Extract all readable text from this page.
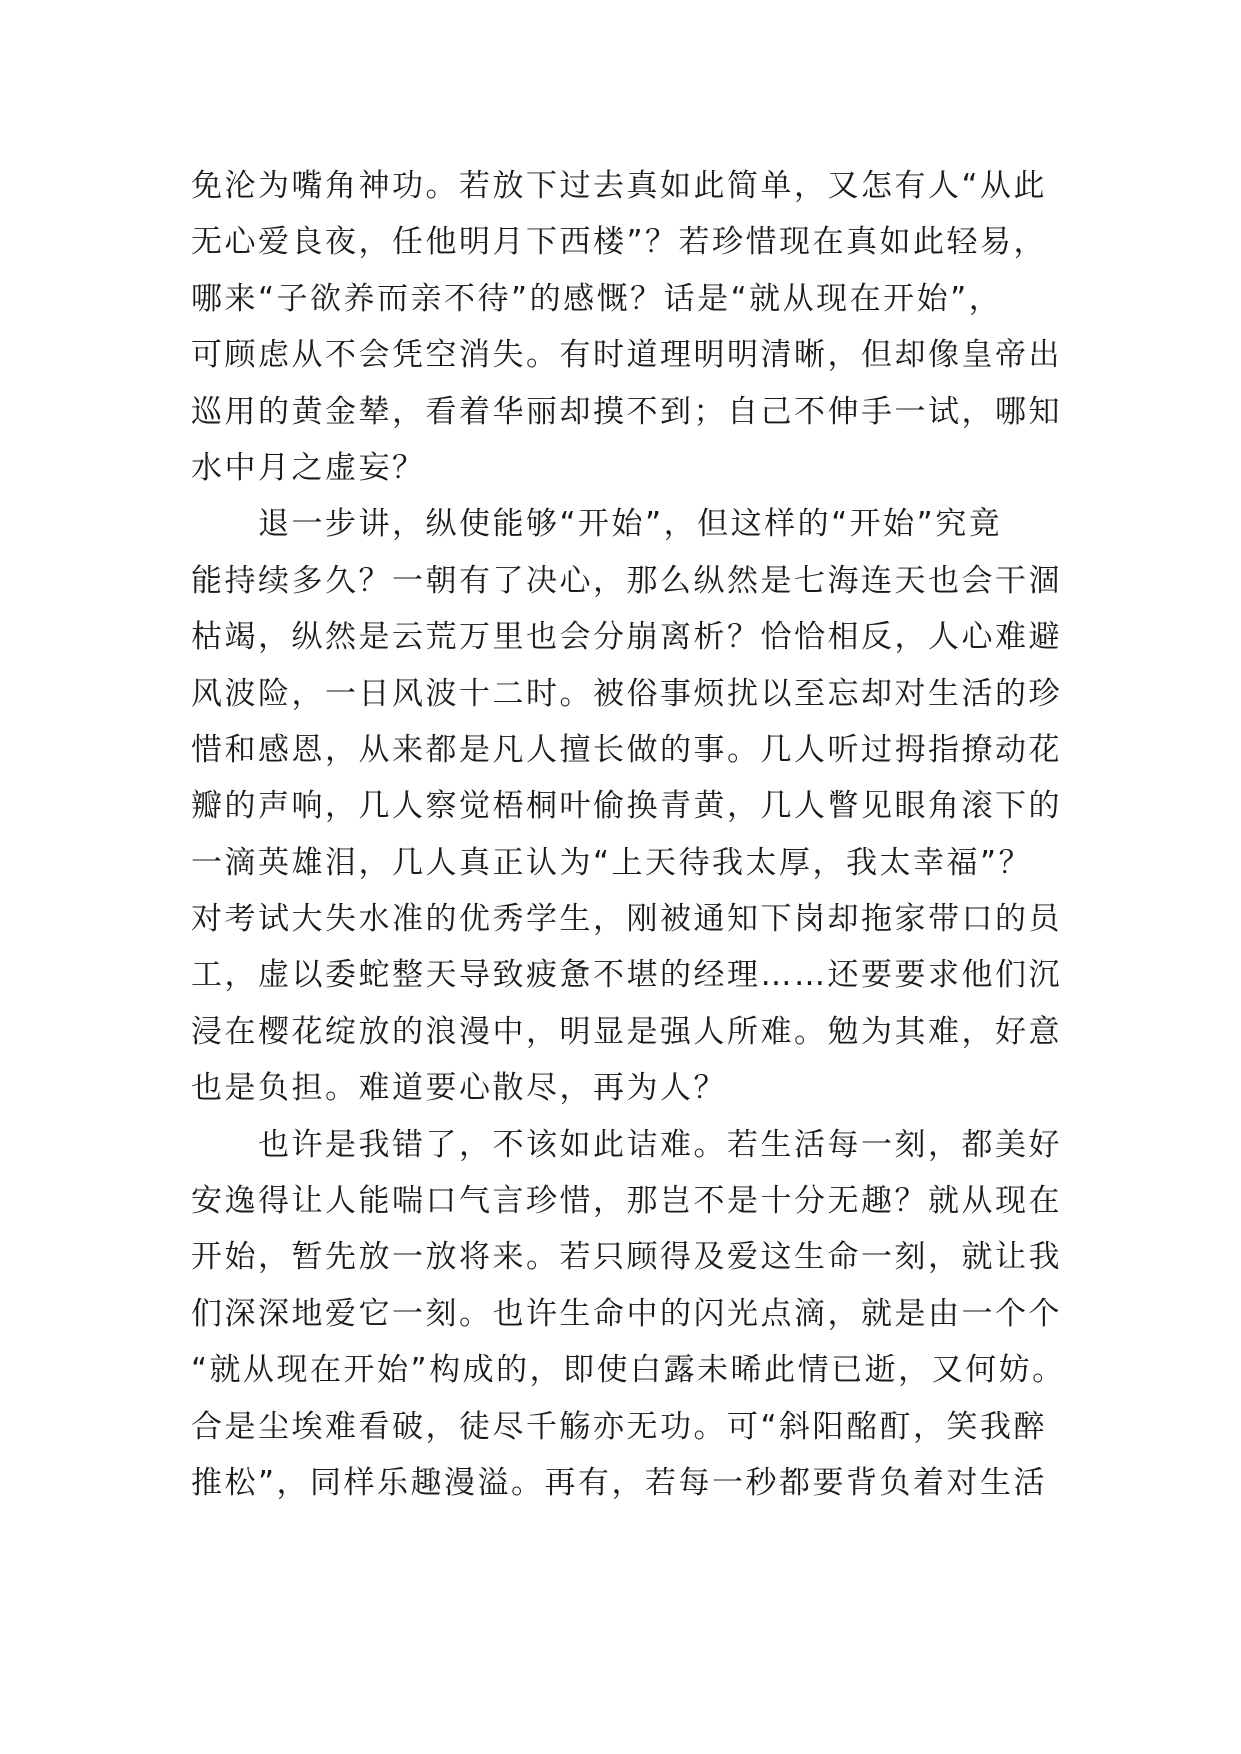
免沦为嘴角神功。若放下过去真如此简单，又怎有人“从此
无心爱良夜，任他明月下西楼”？若珍惜现在真如此轻易，
哪来“子欲养而亲不待”的感慨？话是“就从现在开始”，
可顾虑从不会凭空消失。有时道理明明清晰，但却像皇帝出
巡用的黄金辇，看着华丽却摸不到；自己不伸手一试，哪知
水中月之虚妄？
　　退一步讲，纵使能够“开始”，但这样的“开始”究竟
能持续多久？一朝有了决心，那么纵然是七海连天也会干涸
枯竭，纵然是云荒万里也会分崩离析？恰恰相反，人心难避
风波险，一日风波十二时。被俗事烦扰以至忘却对生活的珍
惜和感恩，从来都是凡人擅长做的事。几人听过拇指撩动花
瓣的声响，几人察觉梧桐叶偷换青黄，几人瞥见眼角滚下的
一滴英雄泪，几人真正认为“上天待我太厚，我太幸福”？
对考试大失水准的优秀学生，刚被通知下岗却拖家带口的员
工，虚以委蛇整天导致疲惫不堪的经理……还要要求他们沉
浸在樱花绽放的浪漫中，明显是强人所难。勉为其难，好意
也是负担。难道要心散尽，再为人？
　　也许是我错了，不该如此诘难。若生活每一刻，都美好
安逸得让人能喘口气言珍惜，那岂不是十分无趣？就从现在
开始，暂先放一放将来。若只顾得及爱这生命一刻，就让我
们深深地爱它一刻。也许生命中的闪光点滴，就是由一个个
“就从现在开始”构成的，即使白露未晞此情已逝，又何妨。
合是尘埃难看破，徒尽千觞亦无功。可“斜阳酩酊，笑我醉
推松”，同样乐趣漫溢。再有，若每一秒都要背负着对生活
